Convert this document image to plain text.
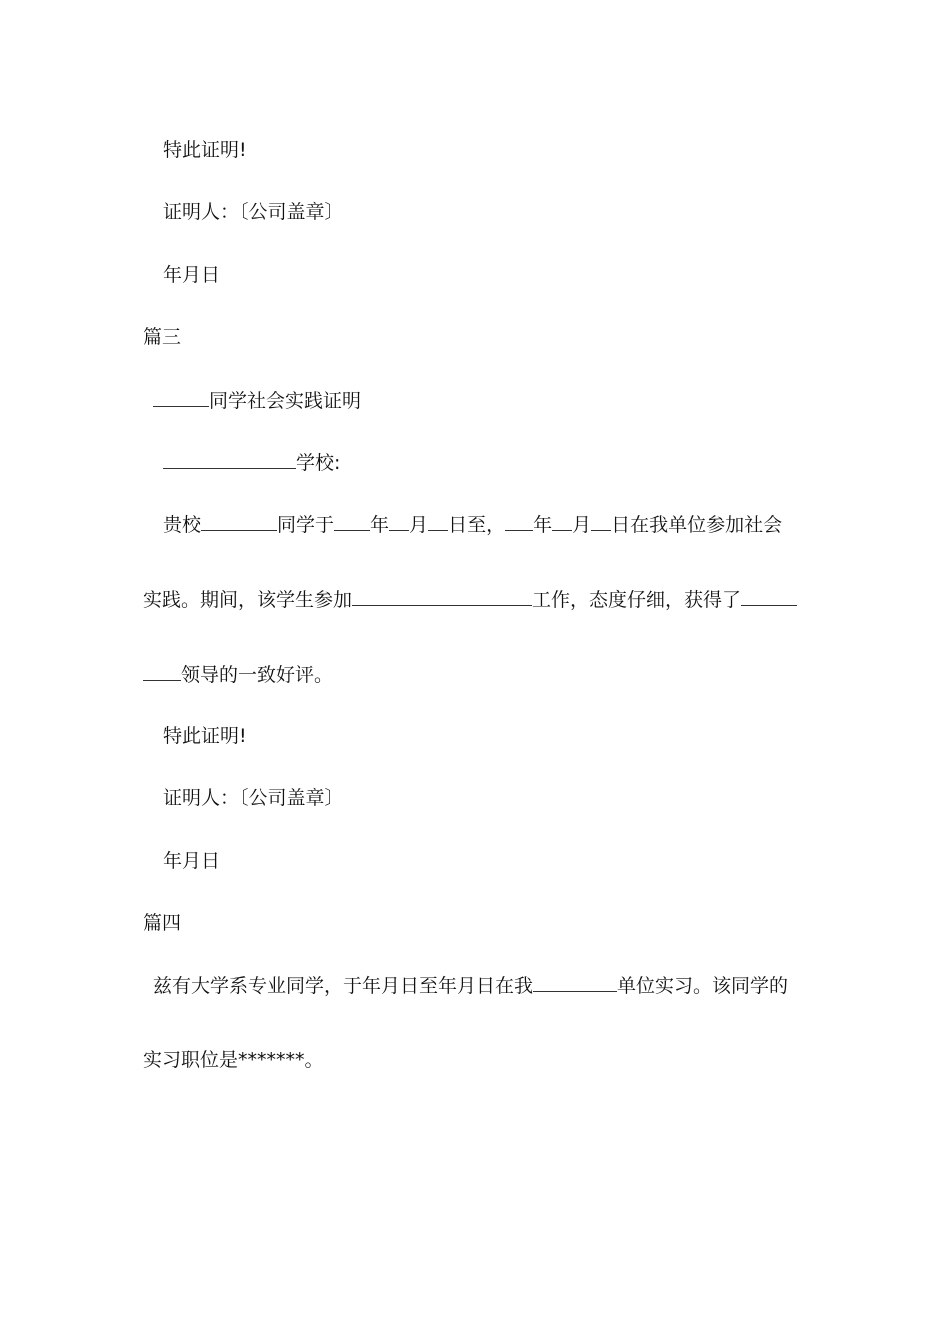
特此证明!
证明人：〔公司盖章〕
年月日
篇三
同学社会实践证明
学校:
贵校	同学于 年 月 日至， 年 月 日在我单位参加社会
实践。期间，该学生参加	工作，态度仔细，获得了
领导的一致好评。
特此证明!
证明人：〔公司盖章〕
年月日
篇四
兹有大学系专业同学，于年月日至年月日在我	单位实习。该同学的
实习职位是*******。
